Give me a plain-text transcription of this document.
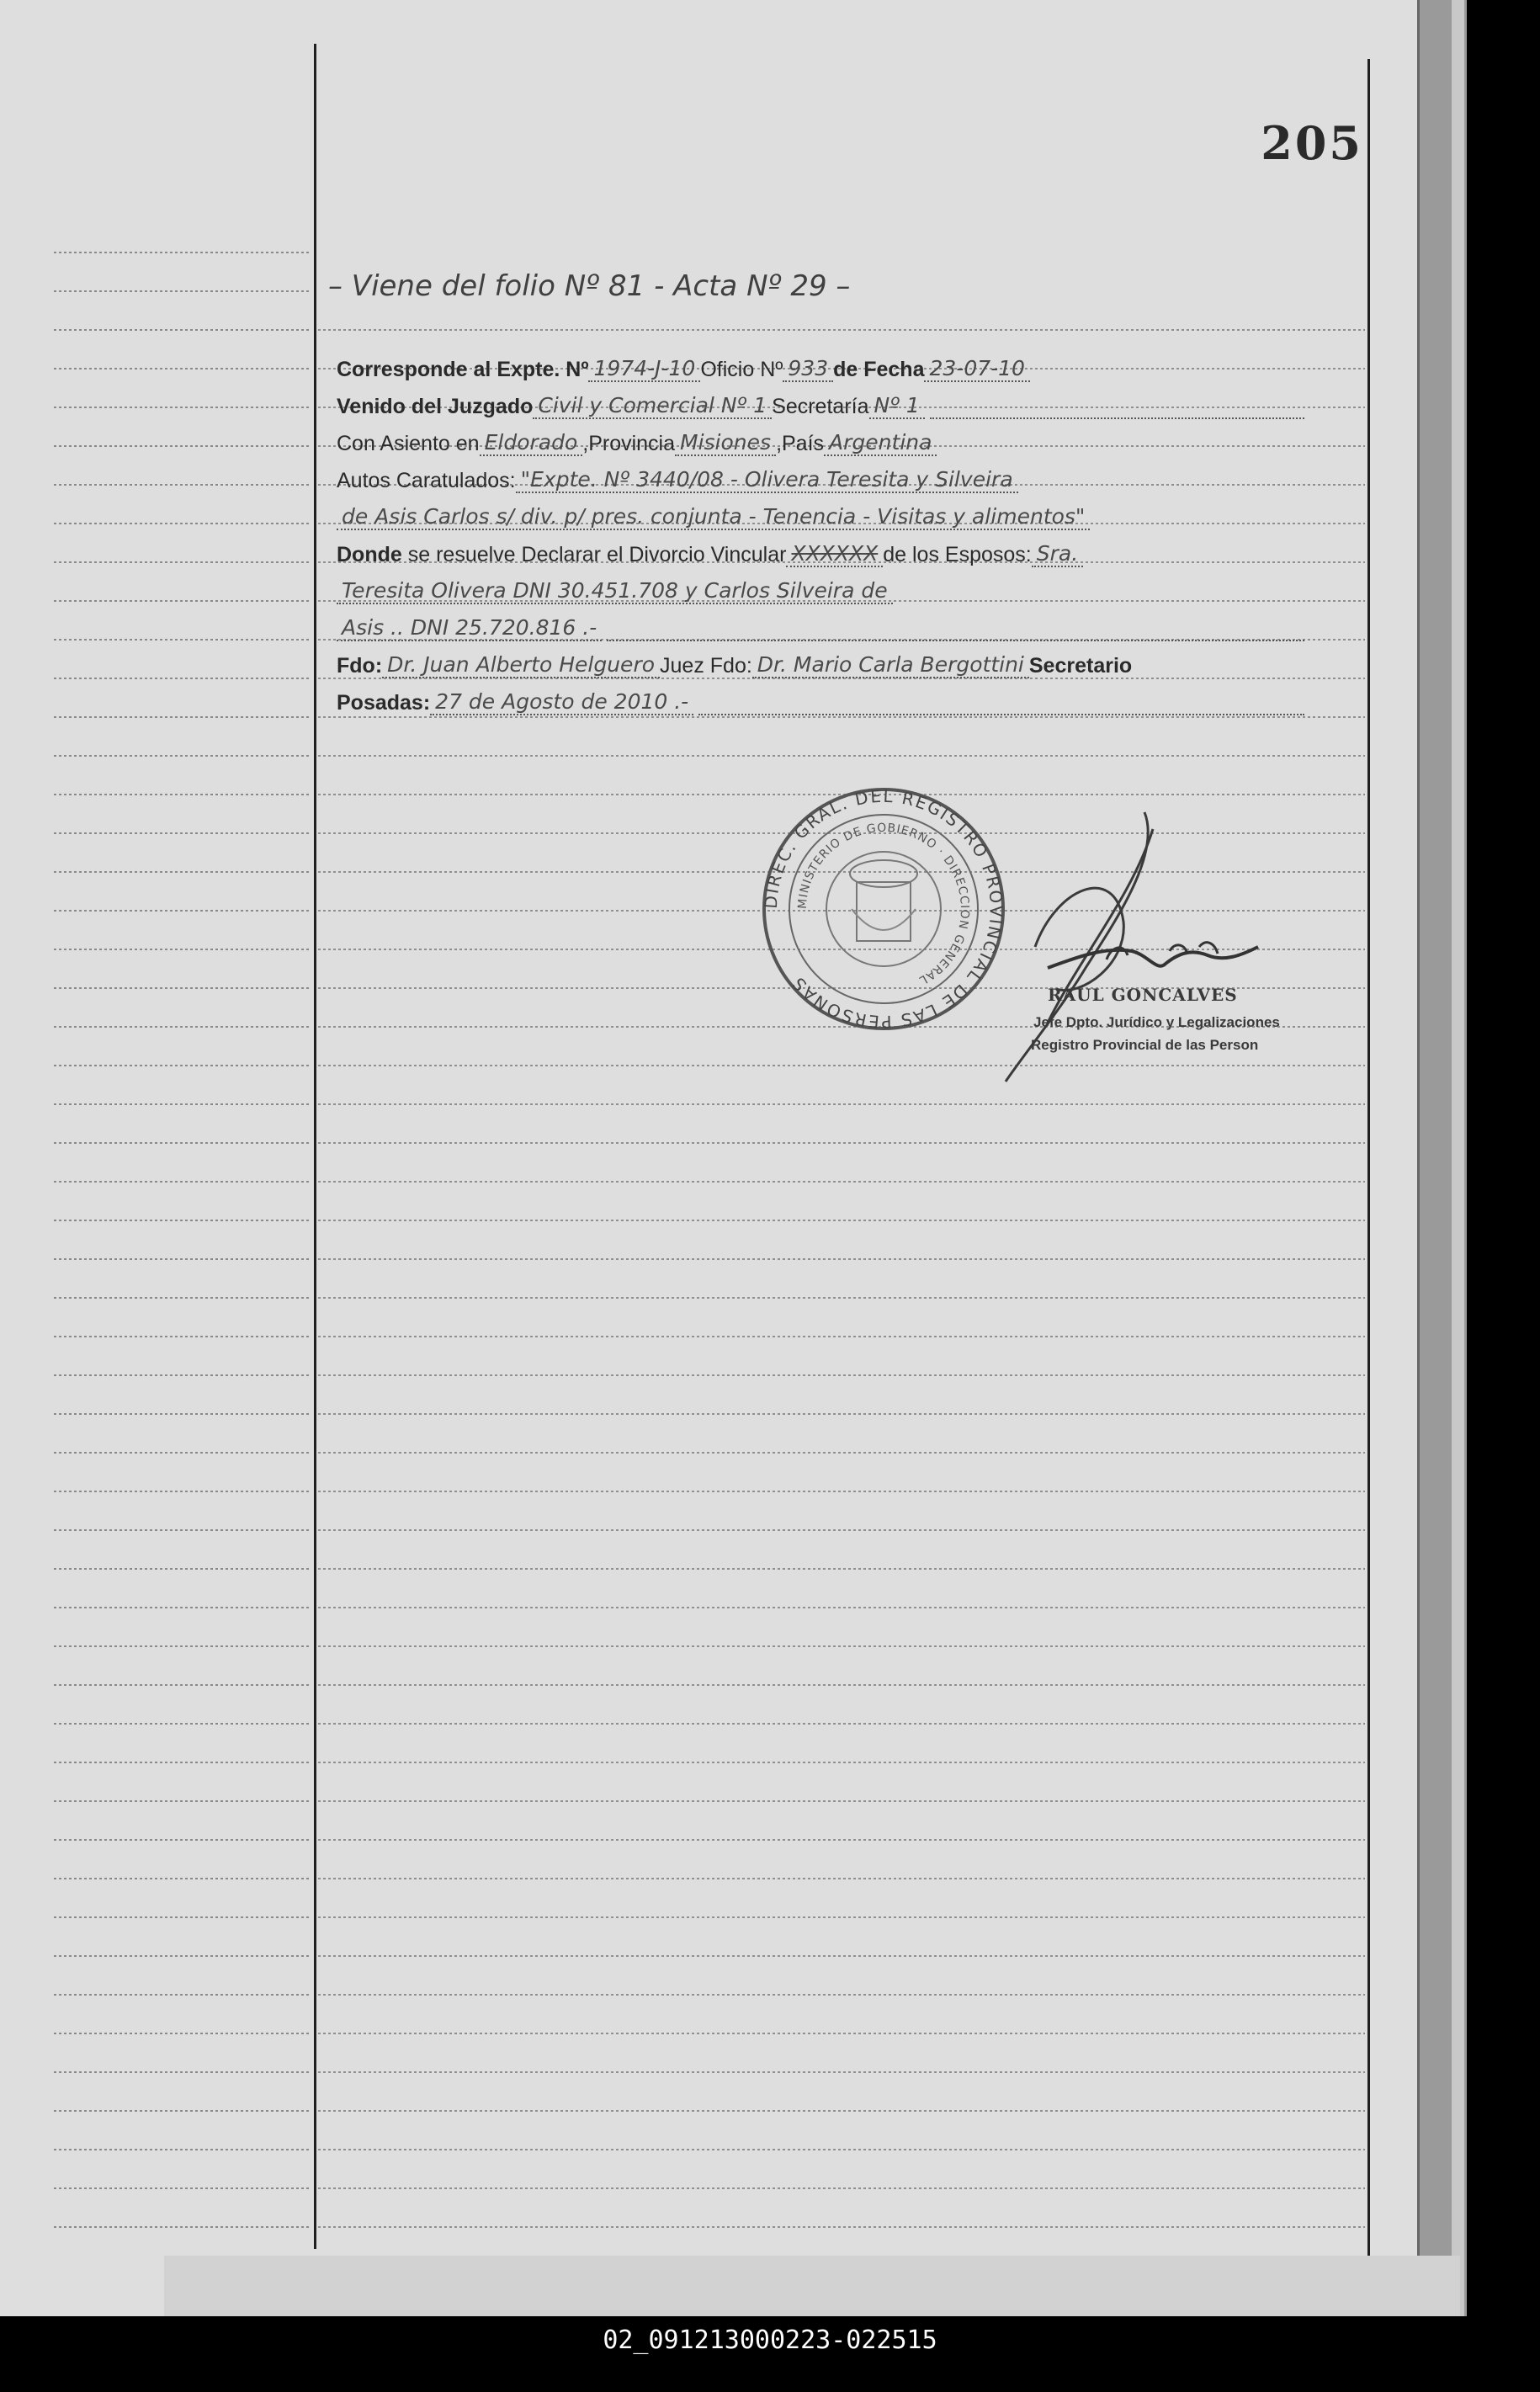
205
– Viene del folio Nº 81 - Acta Nº 29 –
Corresponde al Expte. Nº 1974-J-10 Oficio Nº 933 de Fecha 23-07-10
Venido del Juzgado Civil y Comercial Nº 1 Secretaría Nº 1
Con Asiento en Eldorado ,Provincia Misiones ,País Argentina
Autos Caratulados: "Expte. Nº 3440/08 - Olivera Teresita y Silveira
de Asis Carlos s/ div. p/ pres. conjunta - Tenencia - Visitas y alimentos"
Donde
se resuelve Declarar el Divorcio Vincular XXXXXX de los Esposos: Sra.
Teresita Olivera DNI 30.451.708 y Carlos Silveira de
Asis .. DNI 25.720.816 .-
Fdo: Dr. Juan Alberto Helguero Juez Fdo: Dr. Mario Carla Bergottini Secretario
Posadas: 27 de Agosto de 2010 .-
DIREC. GRAL. DEL REGISTRO PROVINCIAL DE LAS PERSONAS
MINISTERIO DE GOBIERNO · DIRECCION GENERAL
RAUL GONCALVES
Jefe Dpto. Jurídico y Legalizaciones
Registro Provincial de las Person
02_091213000223-022515
